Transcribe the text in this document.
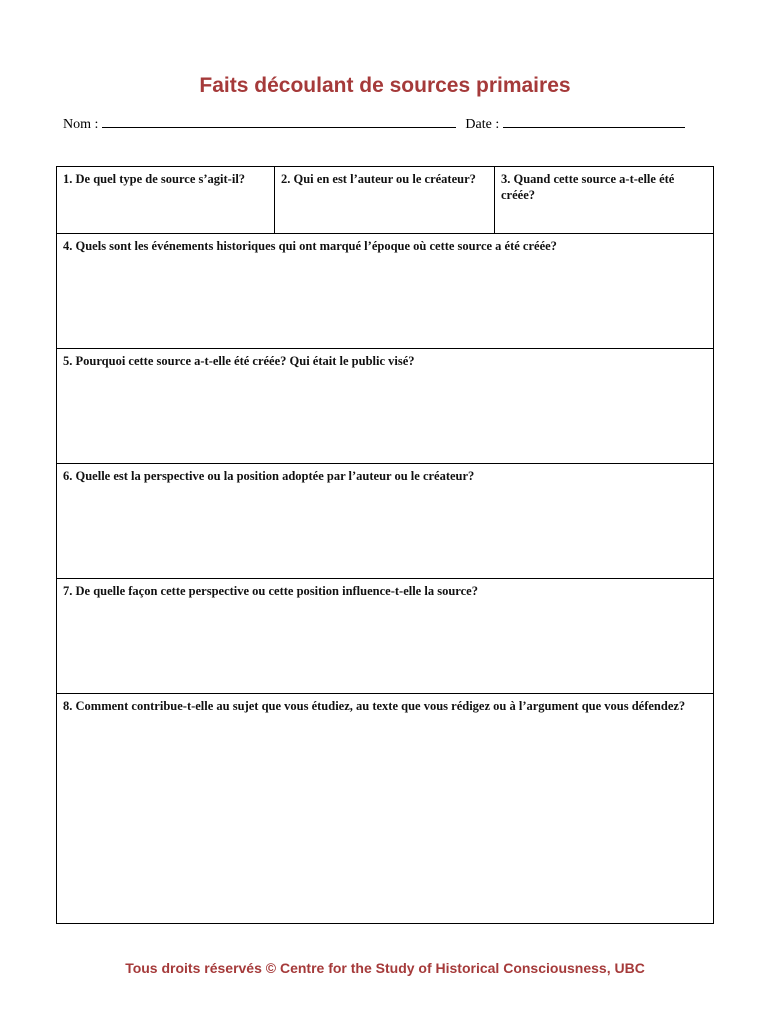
Faits découlant de sources primaires
Nom :	Date :
1. De quel type de source s’agit-il?	2. Qui en est l’auteur ou le créateur?	3. Quand cette source a-t-elle été créée?
4. Quels sont les événements historiques qui ont marqué l’époque où cette source a été créée?
5. Pourquoi cette source a-t-elle été créée? Qui était le public visé?
6. Quelle est la perspective ou la position adoptée par l’auteur ou le créateur?
7. De quelle façon cette perspective ou cette position influence-t-elle la source?
8. Comment contribue-t-elle au sujet que vous étudiez, au texte que vous rédigez ou à l’argument que vous défendez?
Tous droits réservés © Centre for the Study of Historical Consciousness, UBC
